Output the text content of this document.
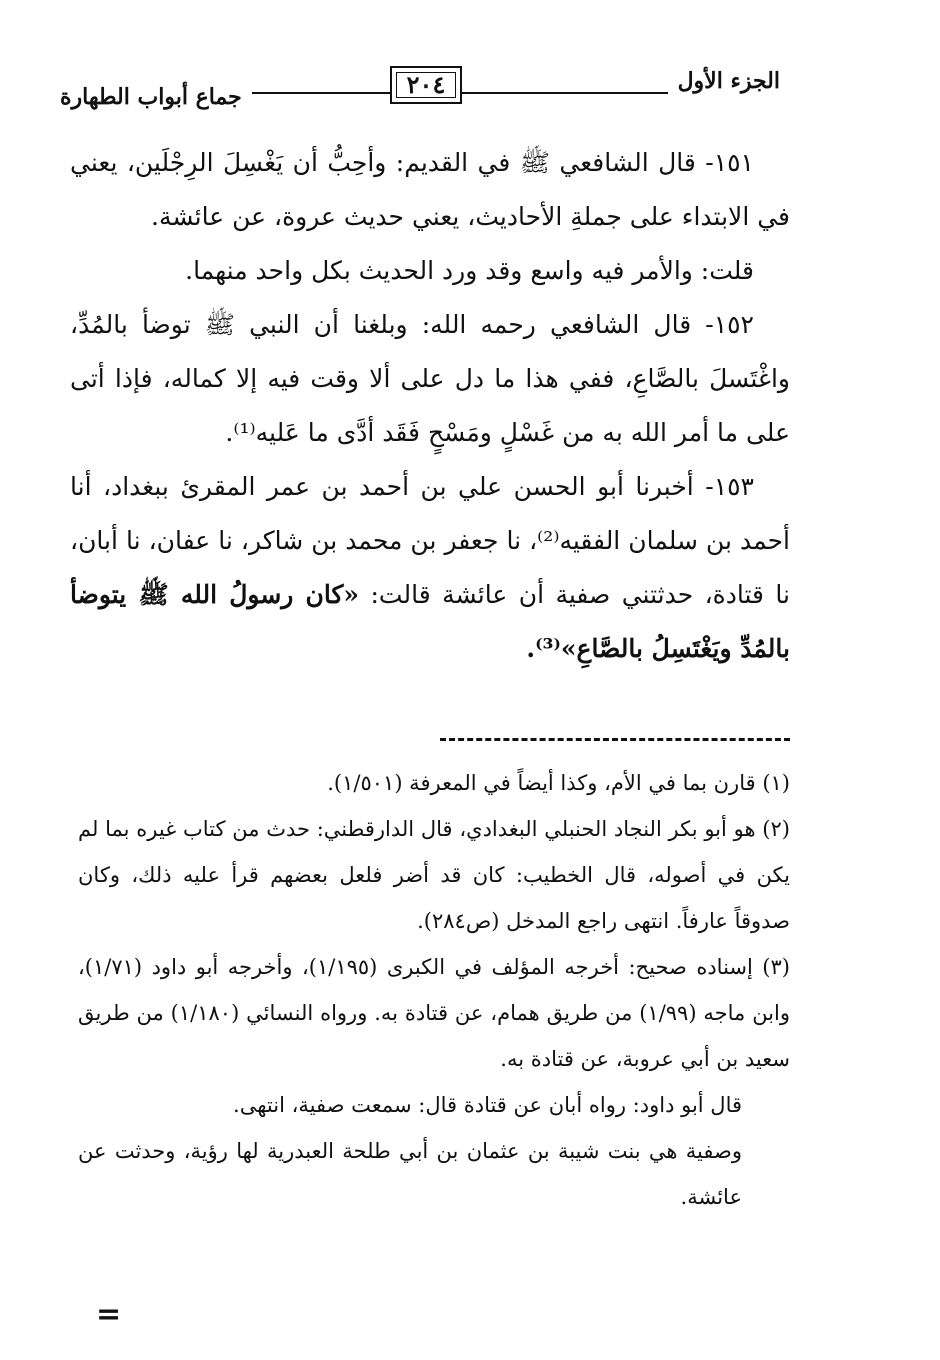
الجزء الأول
٢٠٤
جماع أبواب الطهارة

١٥١- قال الشافعي ﷺ في القديم: وأحِبُّ أن يَغْسِلَ الرِجْلَين، يعني في الابتداء على جملةِ الأحاديث، يعني حديث عروة، عن عائشة.

قلت: والأمر فيه واسع وقد ورد الحديث بكل واحد منهما.

١٥٢- قال الشافعي رحمه الله: وبلغنا أن النبي ﷺ توضأ بالمُدِّ، واغْتَسلَ بالصَّاعِ، ففي هذا ما دل على ألا وقت فيه إلا كماله، فإذا أتى على ما أمر الله به من غَسْلٍ ومَسْحٍ فَقَد أدَّى ما عَليه⁽¹⁾.

١٥٣- أخبرنا أبو الحسن علي بن أحمد بن عمر المقرئ ببغداد، أنا أحمد بن سلمان الفقيه⁽²⁾، نا جعفر بن محمد بن شاكر، نا عفان، نا أبان، نا قتادة، حدثتني صفية أن عائشة قالت: «كان رسولُ الله ﷺ يتوضأ بالمُدِّ ويَغْتَسِلُ بالصَّاعِ»⁽³⁾.

(١) قارن بما في الأم، وكذا أيضاً في المعرفة (١/٥٠١).

(٢) هو أبو بكر النجاد الحنبلي البغدادي، قال الدارقطني: حدث من كتاب غيره بما لم يكن في أصوله، قال الخطيب: كان قد أضر فلعل بعضهم قرأ عليه ذلك، وكان صدوقاً عارفاً. انتهى راجع المدخل (ص٢٨٤).

(٣) إسناده صحيح: أخرجه المؤلف في الكبرى (١/١٩٥)، وأخرجه أبو داود (١/٧١)، وابن ماجه (١/٩٩) من طريق همام، عن قتادة به. ورواه النسائي (١/١٨٠) من طريق سعيد بن أبي عروبة، عن قتادة به.

قال أبو داود: رواه أبان عن قتادة قال: سمعت صفية، انتهى.

وصفية هي بنت شيبة بن عثمان بن أبي طلحة العبدرية لها رؤية، وحدثت عن عائشة.

=
